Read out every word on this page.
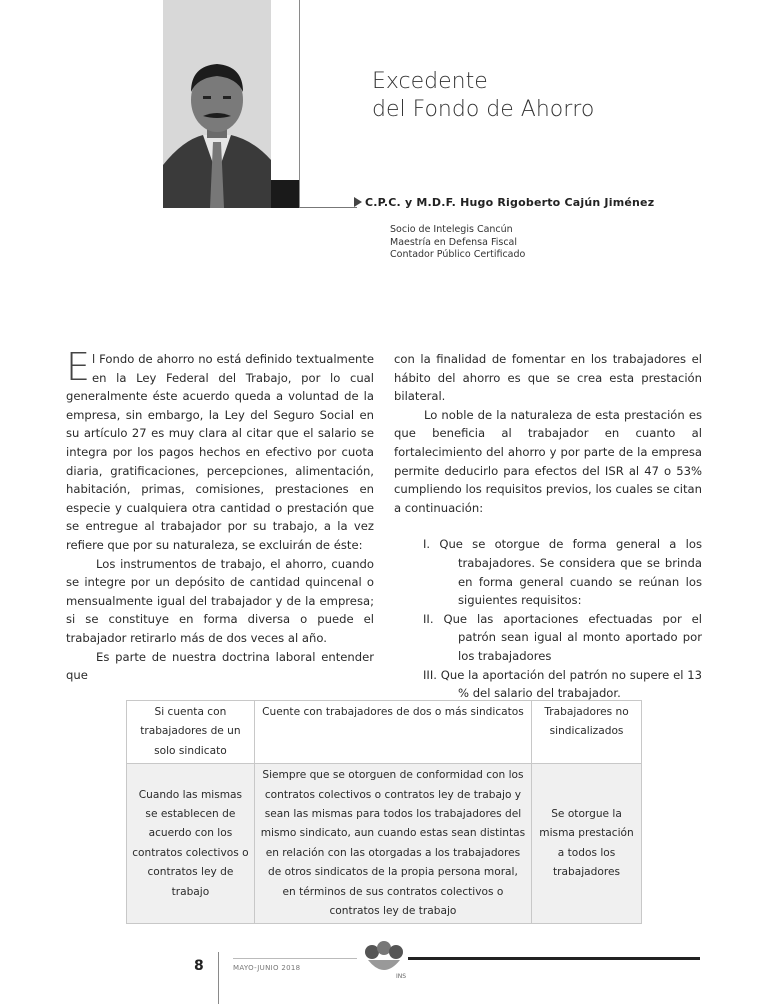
Excedente
del Fondo de Ahorro
C.P.C. y M.D.F. Hugo Rigoberto Cajún Jiménez
Socio de Intelegis Cancún
Maestría en Defensa Fiscal
Contador Público Certificado

El Fondo de ahorro no está definido textualmente en la Ley Federal del Trabajo, por lo cual generalmente éste acuerdo queda a voluntad de la empresa, sin embargo, la Ley del Seguro Social en su artículo 27 es muy clara al citar que el salario se integra por los pagos hechos en efectivo por cuota diaria, gratificaciones, percepciones, alimentación, habitación, primas, comisiones, prestaciones en especie y cualquiera otra cantidad o prestación que se entregue al trabajador por su trabajo, a la vez refiere que por su naturaleza, se excluirán de éste:

Los instrumentos de trabajo, el ahorro, cuando se integre por un depósito de cantidad quincenal o mensualmente igual del trabajador y de la empresa; si se constituye en forma diversa o puede el trabajador retirarlo más de dos veces al año.

Es parte de nuestra doctrina laboral entender que

con la finalidad de fomentar en los trabajadores el hábito del ahorro es que se crea esta prestación bilateral.

Lo noble de la naturaleza de esta prestación es que beneficia al trabajador en cuanto al fortalecimiento del ahorro y por parte de la empresa permite deducirlo para efectos del ISR al 47 o 53% cumpliendo los requisitos previos, los cuales se citan a continuación:

I. Que se otorgue de forma general a los trabajadores. Se considera que se brinda en forma general cuando se reúnan los siguientes requisitos:

II. Que las aportaciones efectuadas por el patrón sean igual al monto aportado por los trabajadores

III. Que la aportación del patrón no supere el 13 % del salario del trabajador.

Si cuenta con trabajadores de un solo sindicato	Cuente con trabajadores de dos o más sindicatos	Trabajadores no sindicalizados
Cuando las mismas se establecen de acuerdo con los contratos colectivos o contratos ley de trabajo	Siempre que se otorguen de conformidad con los contratos colectivos o contratos ley de trabajo y sean las mismas para todos los trabajadores del mismo sindicato, aun cuando estas sean distintas en relación con las otorgadas a los trabajadores de otros sindicatos de la propia persona moral, en términos de sus contratos colectivos o contratos ley de trabajo	Se otorgue la misma prestación a todos los trabajadores
8	MAYO-JUNIO 2018
INS
